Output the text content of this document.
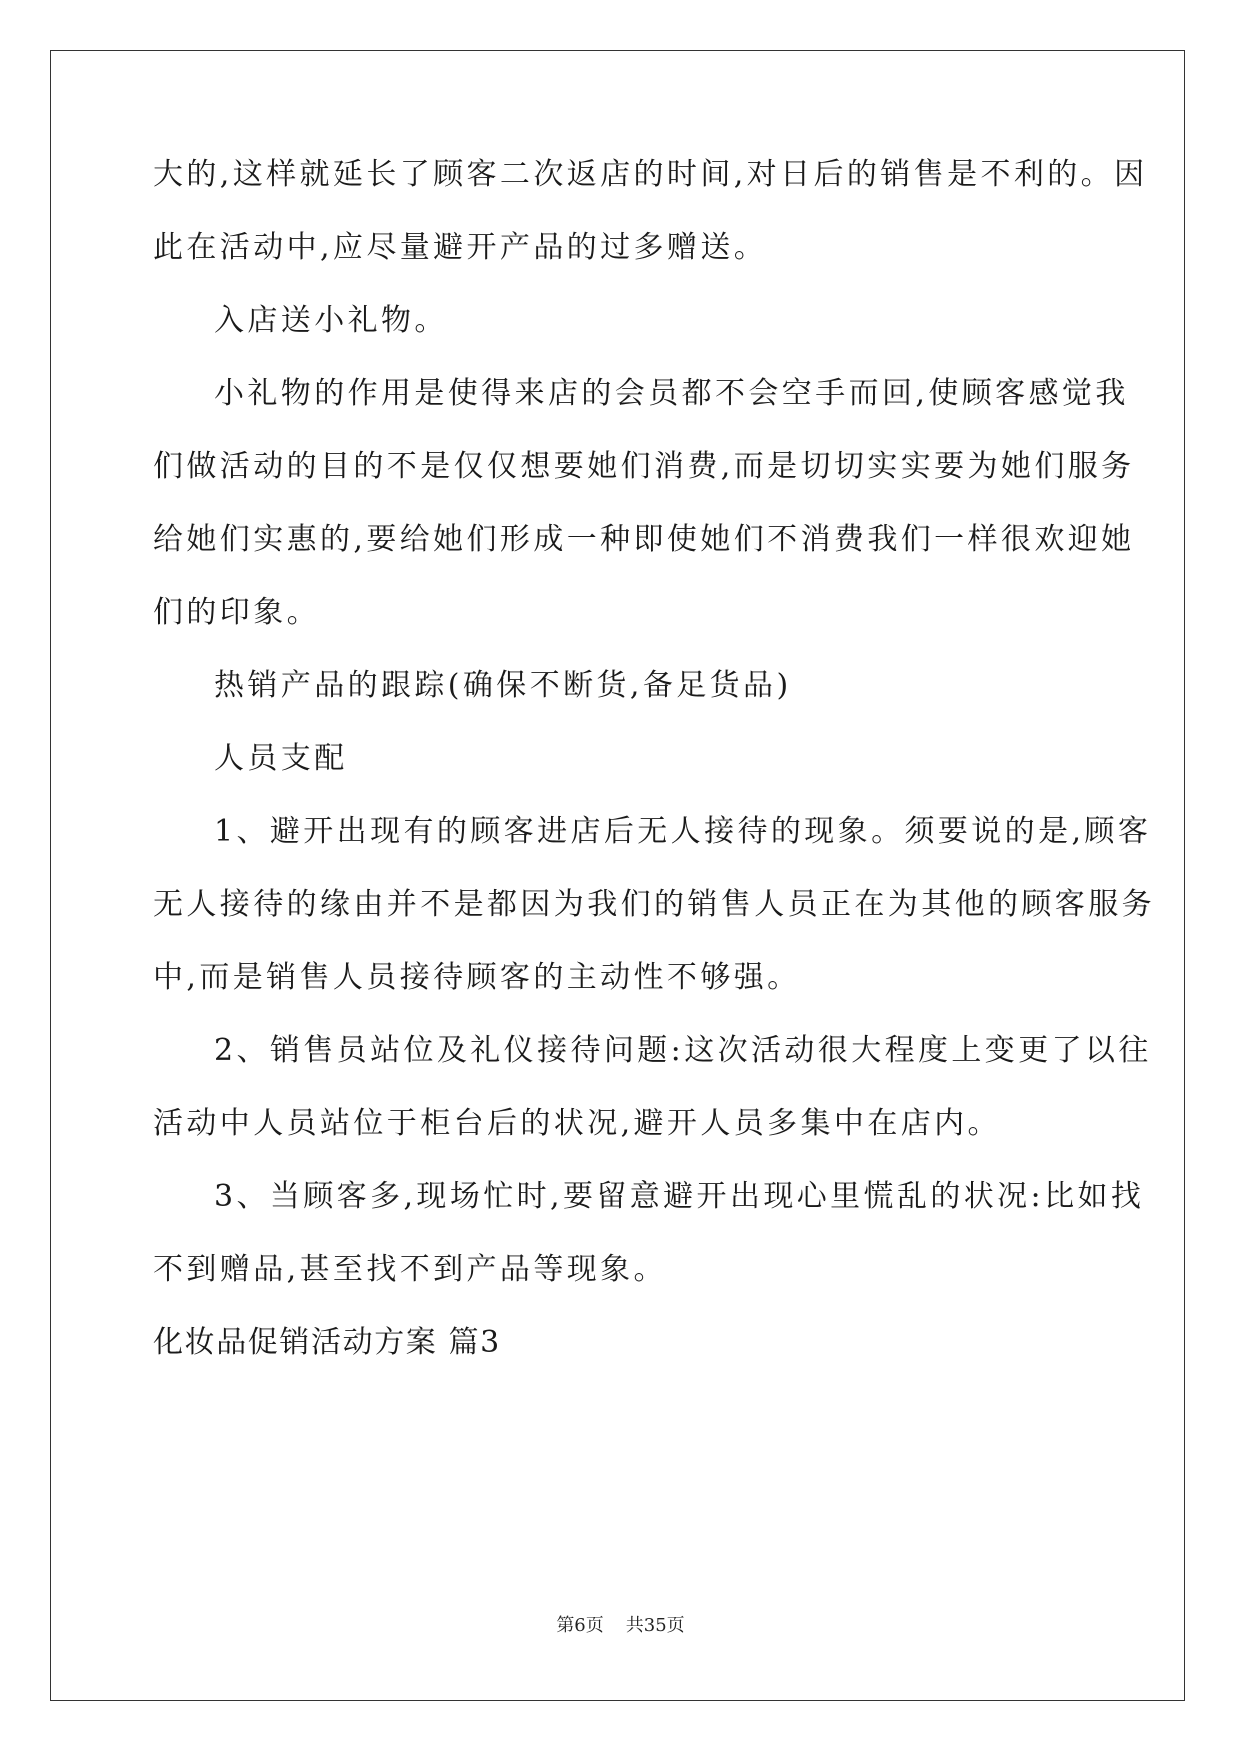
大的,这样就延长了顾客二次返店的时间,对日后的销售是不利的。因
此在活动中,应尽量避开产品的过多赠送。
入店送小礼物。
小礼物的作用是使得来店的会员都不会空手而回,使顾客感觉我
们做活动的目的不是仅仅想要她们消费,而是切切实实要为她们服务
给她们实惠的,要给她们形成一种即使她们不消费我们一样很欢迎她
们的印象。
热销产品的跟踪(确保不断货,备足货品)
人员支配
1、避开出现有的顾客进店后无人接待的现象。须要说的是,顾客
无人接待的缘由并不是都因为我们的销售人员正在为其他的顾客服务
中,而是销售人员接待顾客的主动性不够强。
2、销售员站位及礼仪接待问题:这次活动很大程度上变更了以往
活动中人员站位于柜台后的状况,避开人员多集中在店内。
3、当顾客多,现场忙时,要留意避开出现心里慌乱的状况:比如找
不到赠品,甚至找不到产品等现象。
化妆品促销活动方案 篇3
第6页 共35页
